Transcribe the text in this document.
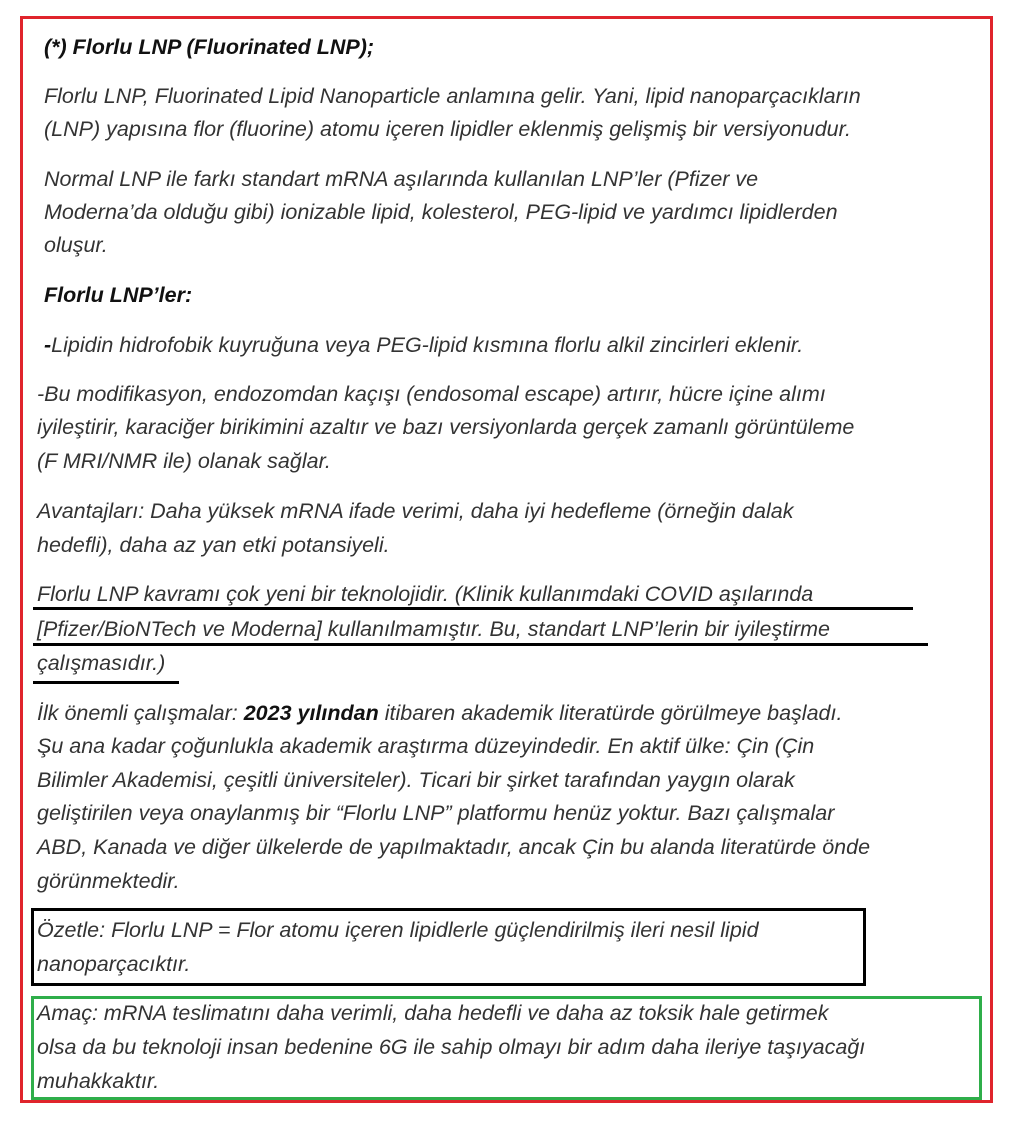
(*) Florlu LNP (Fluorinated LNP);

Florlu LNP, Fluorinated Lipid Nanoparticle anlamına gelir. Yani, lipid nanoparçacıkların

(LNP) yapısına flor (fluorine) atomu içeren lipidler eklenmiş gelişmiş bir versiyonudur.

Normal LNP ile farkı standart mRNA aşılarında kullanılan LNP’ler (Pfizer ve

Moderna’da olduğu gibi) ionizable lipid, kolesterol, PEG-lipid ve yardımcı lipidlerden

oluşur.

Florlu LNP’ler:

-Lipidin hidrofobik kuyruğuna veya PEG-lipid kısmına florlu alkil zincirleri eklenir.

-Bu modifikasyon, endozomdan kaçışı (endosomal escape) artırır, hücre içine alımı

iyileştirir, karaciğer birikimini azaltır ve bazı versiyonlarda gerçek zamanlı görüntüleme

(F MRI/NMR ile) olanak sağlar.

Avantajları: Daha yüksek mRNA ifade verimi, daha iyi hedefleme (örneğin dalak

hedefli), daha az yan etki potansiyeli.

Florlu LNP kavramı çok yeni bir teknolojidir. (Klinik kullanımdaki COVID aşılarında

[Pfizer/BioNTech ve Moderna] kullanılmamıştır. Bu, standart LNP’lerin bir iyileştirme

çalışmasıdır.)

İlk önemli çalışmalar: 2023 yılından itibaren akademik literatürde görülmeye başladı.

Şu ana kadar çoğunlukla akademik araştırma düzeyindedir. En aktif ülke: Çin (Çin

Bilimler Akademisi, çeşitli üniversiteler). Ticari bir şirket tarafından yaygın olarak

geliştirilen veya onaylanmış bir “Florlu LNP” platformu henüz yoktur. Bazı çalışmalar

ABD, Kanada ve diğer ülkelerde de yapılmaktadır, ancak Çin bu alanda literatürde önde

görünmektedir.

Özetle: Florlu LNP = Flor atomu içeren lipidlerle güçlendirilmiş ileri nesil lipid

nanoparçacıktır.

Amaç: mRNA teslimatını daha verimli, daha hedefli ve daha az toksik hale getirmek

olsa da bu teknoloji insan bedenine 6G ile sahip olmayı bir adım daha ileriye taşıyacağı

muhakkaktır.
